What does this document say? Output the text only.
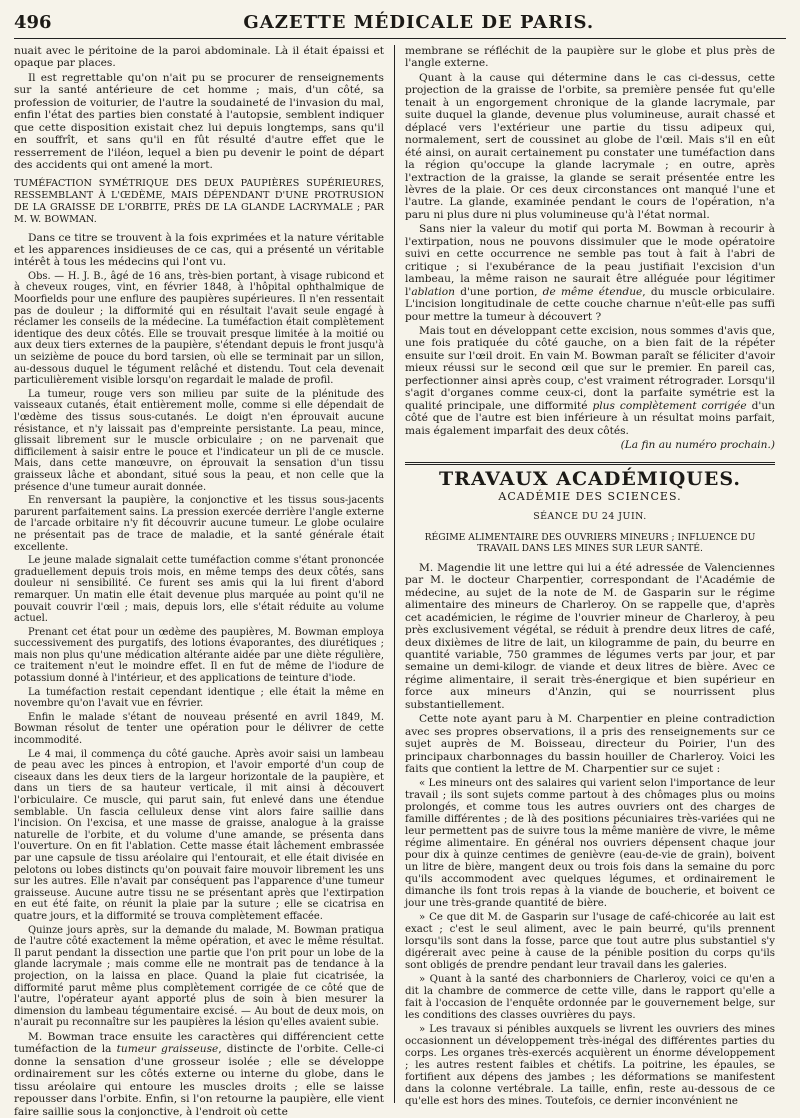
496	GAZETTE MÉDICALE DE PARIS.

nuait avec le péritoine de la paroi abdominale. Là il était épaissi et opaque par places.

Il est regrettable qu'on n'ait pu se procurer de renseignements sur la santé antérieure de cet homme ; mais, d'un côté, sa profession de voiturier, de l'autre la soudaineté de l'invasion du mal, enfin l'état des parties bien constaté à l'autopsie, semblent indiquer que cette disposition existait chez lui depuis longtemps, sans qu'il en souffrît, et sans qu'il en fût résulté d'autre effet que le resserrement de l'iléon, lequel a bien pu devenir le point de départ des accidents qui ont amené la mort.

TUMÉFACTION SYMÉTRIQUE DES DEUX PAUPIÈRES SUPÉRIEURES, RESSEMBLANT À L'ŒDÈME, MAIS DÉPENDANT D'UNE PROTRUSION DE LA GRAISSE DE L'ORBITE, PRÈS DE LA GLANDE LACRYMALE ; PAR M. W. BOWMAN.

Dans ce titre se trouvent à la fois exprimées et la nature véritable et les apparences insidieuses de ce cas, qui a présenté un véritable intérêt à tous les médecins qui l'ont vu.

Obs. — H. J. B., âgé de 16 ans, très-bien portant, à visage rubicond et à cheveux rouges, vint, en février 1848, à l'hôpital ophthalmique de Moorfields pour une enflure des paupières supérieures. Il n'en ressentait pas de douleur ; la difformité qui en résultait l'avait seule engagé à réclamer les conseils de la médecine. La tuméfaction était complètement identique des deux côtés. Elle se trouvait presque limitée à la moitié ou aux deux tiers externes de la paupière, s'étendant depuis le front jusqu'à un seizième de pouce du bord tarsien, où elle se terminait par un sillon, au-dessous duquel le tégument relâché et distendu. Tout cela devenait particulièrement visible lorsqu'on regardait le malade de profil.

La tumeur, rouge vers son milieu par suite de la plénitude des vaisseaux cutanés, était entièrement molle, comme si elle dépendait de l'œdème des tissus sous-cutanés. Le doigt n'en éprouvait aucune résistance, et n'y laissait pas d'empreinte persistante. La peau, mince, glissait librement sur le muscle orbiculaire ; on ne parvenait que difficilement à saisir entre le pouce et l'indicateur un pli de ce muscle. Mais, dans cette manœuvre, on éprouvait la sensation d'un tissu graisseux lâche et abondant, situé sous la peau, et non celle que la présence d'une tumeur aurait donnée.

En renversant la paupière, la conjonctive et les tissus sous-jacents parurent parfaitement sains. La pression exercée derrière l'angle externe de l'arcade orbitaire n'y fit découvrir aucune tumeur. Le globe oculaire ne présentait pas de trace de maladie, et la santé générale était excellente.

Le jeune malade signalait cette tuméfaction comme s'étant prononcée graduellement depuis trois mois, en même temps des deux côtés, sans douleur ni sensibilité. Ce furent ses amis qui la lui firent d'abord remarquer. Un matin elle était devenue plus marquée au point qu'il ne pouvait couvrir l'œil ; mais, depuis lors, elle s'était réduite au volume actuel.

Prenant cet état pour un œdème des paupières, M. Bowman employa successivement des purgatifs, des lotions évaporantes, des diurétiques ; mais non plus qu'une médication altérante aidée par une diète régulière, ce traitement n'eut le moindre effet. Il en fut de même de l'iodure de potassium donné à l'intérieur, et des applications de teinture d'iode.

La tuméfaction restait cependant identique ; elle était la même en novembre qu'on l'avait vue en février.

Enfin le malade s'étant de nouveau présenté en avril 1849, M. Bowman résolut de tenter une opération pour le délivrer de cette incommodité.

Le 4 mai, il commença du côté gauche. Après avoir saisi un lambeau de peau avec les pinces à entropion, et l'avoir emporté d'un coup de ciseaux dans les deux tiers de la largeur horizontale de la paupière, et dans un tiers de sa hauteur verticale, il mit ainsi à découvert l'orbiculaire. Ce muscle, qui parut sain, fut enlevé dans une étendue semblable. Un fascia celluleux dense vint alors faire saillie dans l'incision. On l'excisa, et une masse de graisse, analogue à la graisse naturelle de l'orbite, et du volume d'une amande, se présenta dans l'ouverture. On en fit l'ablation. Cette masse était lâchement embrassée par une capsule de tissu aréolaire qui l'entourait, et elle était divisée en pelotons ou lobes distincts qu'on pouvait faire mouvoir librement les uns sur les autres. Elle n'avait par conséquent pas l'apparence d'une tumeur graisseuse. Aucune autre tissu ne se présentant après que l'extirpation en eut été faite, on réunit la plaie par la suture ; elle se cicatrisa en quatre jours, et la difformité se trouva complètement effacée.

Quinze jours après, sur la demande du malade, M. Bowman pratiqua de l'autre côté exactement la même opération, et avec le même résultat. Il parut pendant la dissection une partie que l'on prit pour un lobe de la glande lacrymale ; mais comme elle ne montrait pas de tendance à la projection, on la laissa en place. Quand la plaie fut cicatrisée, la difformité parut même plus complètement corrigée de ce côté que de l'autre, l'opérateur ayant apporté plus de soin à bien mesurer la dimension du lambeau tégumentaire excisé. — Au bout de deux mois, on n'aurait pu reconnaître sur les paupières la lésion qu'elles avaient subie.

M. Bowman trace ensuite les caractères qui différencient cette tuméfaction de la tumeur graisseuse, distincte de l'orbite. Celle-ci donne la sensation d'une grosseur isolée ; elle se développe ordinairement sur les côtés externe ou interne du globe, dans le tissu aréolaire qui entoure les muscles droits ; elle se laisse repousser dans l'orbite. Enfin, si l'on retourne la paupière, elle vient faire saillie sous la conjonctive, à l'endroit où cette

membrane se réfléchit de la paupière sur le globe et plus près de l'angle externe.

Quant à la cause qui détermine dans le cas ci-dessus, cette projection de la graisse de l'orbite, sa première pensée fut qu'elle tenait à un engorgement chronique de la glande lacrymale, par suite duquel la glande, devenue plus volumineuse, aurait chassé et déplacé vers l'extérieur une partie du tissu adipeux qui, normalement, sert de coussinet au globe de l'œil. Mais s'il en eût été ainsi, on aurait certainement pu constater une tuméfaction dans la région qu'occupe la glande lacrymale ; en outre, après l'extraction de la graisse, la glande se serait présentée entre les lèvres de la plaie. Or ces deux circonstances ont manqué l'une et l'autre. La glande, examinée pendant le cours de l'opération, n'a paru ni plus dure ni plus volumineuse qu'à l'état normal.

Sans nier la valeur du motif qui porta M. Bowman à recourir à l'extirpation, nous ne pouvons dissimuler que le mode opératoire suivi en cette occurrence ne semble pas tout à fait à l'abri de critique ; si l'exubérance de la peau justifiait l'excision d'un lambeau, la même raison ne saurait être alléguée pour légitimer l'ablation d'une portion, de même étendue, du muscle orbiculaire. L'incision longitudinale de cette couche charnue n'eût-elle pas suffi pour mettre la tumeur à découvert ?

Mais tout en développant cette excision, nous sommes d'avis que, une fois pratiquée du côté gauche, on a bien fait de la répéter ensuite sur l'œil droit. En vain M. Bowman paraît se féliciter d'avoir mieux réussi sur le second œil que sur le premier. En pareil cas, perfectionner ainsi après coup, c'est vraiment rétrograder. Lorsqu'il s'agit d'organes comme ceux-ci, dont la parfaite symétrie est la qualité principale, une difformité plus complètement corrigée d'un côté que de l'autre est bien inférieure à un résultat moins parfait, mais également imparfait des deux côtés.

(La fin au numéro prochain.)

TRAVAUX ACADÉMIQUES.

ACADÉMIE DES SCIENCES.

SÉANCE DU 24 JUIN.

RÉGIME ALIMENTAIRE DES OUVRIERS MINEURS ; INFLUENCE DU TRAVAIL DANS LES MINES SUR LEUR SANTÉ.

M. Magendie lit une lettre qui lui a été adressée de Valenciennes par M. le docteur Charpentier, correspondant de l'Académie de médecine, au sujet de la note de M. de Gasparin sur le régime alimentaire des mineurs de Charleroy. On se rappelle que, d'après cet académicien, le régime de l'ouvrier mineur de Charleroy, à peu près exclusivement végétal, se réduit à prendre deux litres de café, deux dixièmes de litre de lait, un kilogramme de pain, du beurre en quantité variable, 750 grammes de légumes verts par jour, et par semaine un demi-kilogr. de viande et deux litres de bière. Avec ce régime alimentaire, il serait très-énergique et bien supérieur en force aux mineurs d'Anzin, qui se nourrissent plus substantiellement.

Cette note ayant paru à M. Charpentier en pleine contradiction avec ses propres observations, il a pris des renseignements sur ce sujet auprès de M. Boisseau, directeur du Poirier, l'un des principaux charbonnages du bassin houiller de Charleroy. Voici les faits que contient la lettre de M. Charpentier sur ce sujet :

« Les mineurs ont des salaires qui varient selon l'importance de leur travail ; ils sont sujets comme partout à des chômages plus ou moins prolongés, et comme tous les autres ouvriers ont des charges de famille différentes ; de là des positions pécuniaires très-variées qui ne leur permettent pas de suivre tous la même manière de vivre, le même régime alimentaire. En général nos ouvriers dépensent chaque jour pour dix à quinze centimes de genièvre (eau-de-vie de grain), boivent un litre de bière, mangent deux ou trois fois dans la semaine du porc qu'ils accommodent avec quelques légumes, et ordinairement le dimanche ils font trois repas à la viande de boucherie, et boivent ce jour une très-grande quantité de bière.

» Ce que dit M. de Gasparin sur l'usage de café-chicorée au lait est exact ; c'est le seul aliment, avec le pain beurré, qu'ils prennent lorsqu'ils sont dans la fosse, parce que tout autre plus substantiel s'y digérerait avec peine à cause de la pénible position du corps qu'ils sont obligés de prendre pendant leur travail dans les galeries.

» Quant à la santé des charbonniers de Charleroy, voici ce qu'en a dit la chambre de commerce de cette ville, dans le rapport qu'elle a fait à l'occasion de l'enquête ordonnée par le gouvernement belge, sur les conditions des classes ouvrières du pays.

» Les travaux si pénibles auxquels se livrent les ouvriers des mines occasionnent un développement très-inégal des différentes parties du corps. Les organes très-exercés acquièrent un énorme développement ; les autres restent faibles et chétifs. La poitrine, les épaules, se fortifient aux dépens des jambes ; les déformations se manifestent dans la colonne vertébrale. La taille, enfin, reste au-dessous de ce qu'elle est hors des mines. Toutefois, ce dernier inconvénient ne
